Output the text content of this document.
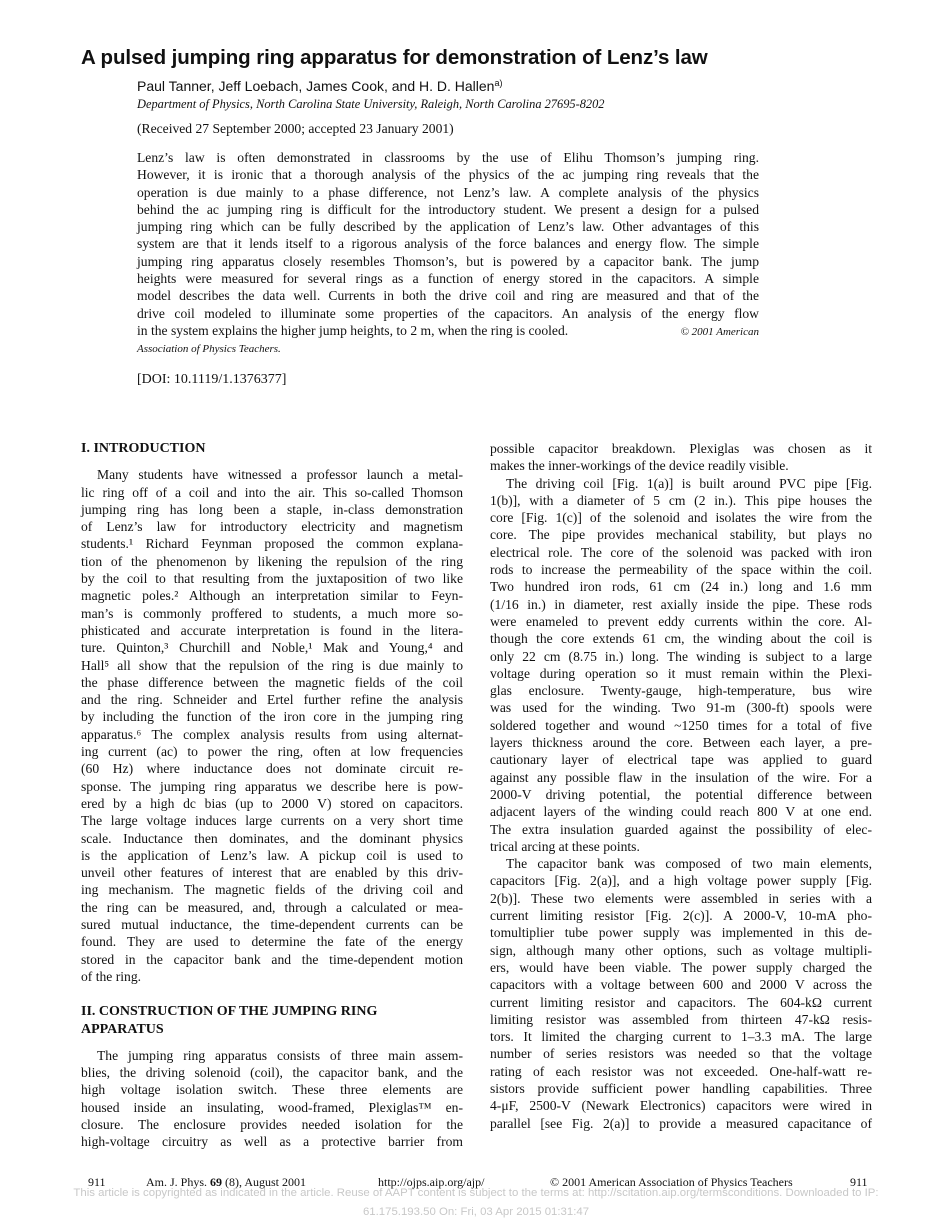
A pulsed jumping ring apparatus for demonstration of Lenz’s law
Paul Tanner, Jeff Loebach, James Cook, and H. D. Hallen$^{a)}$
Department of Physics, North Carolina State University, Raleigh, North Carolina 27695-8202
(Received 27 September 2000; accepted 23 January 2001)
Lenz’s law is often demonstrated in classrooms by the use of Elihu Thomson’s jumping ring.
However, it is ironic that a thorough analysis of the physics of the ac jumping ring reveals that the
operation is due mainly to a phase difference, not Lenz’s law. A complete analysis of the physics
behind the ac jumping ring is difficult for the introductory student. We present a design for a pulsed
jumping ring which can be fully described by the application of Lenz’s law. Other advantages of this
system are that it lends itself to a rigorous analysis of the force balances and energy flow. The simple
jumping ring apparatus closely resembles Thomson’s, but is powered by a capacitor bank. The jump
heights were measured for several rings as a function of energy stored in the capacitors. A simple
model describes the data well. Currents in both the drive coil and ring are measured and that of the
drive coil modeled to illuminate some properties of the capacitors. An analysis of the energy flow
in the system explains the higher jump heights, to 2 m, when the ring is cooled.	© 2001 American
Association of Physics Teachers.
[DOI: 10.1119/1.1376377]
I. INTRODUCTION
Many students have witnessed a professor launch a metal-
lic ring off of a coil and into the air. This so-called Thomson
jumping ring has long been a staple, in-class demonstration
of Lenz’s law for introductory electricity and magnetism
students.¹ Richard Feynman proposed the common explana-
tion of the phenomenon by likening the repulsion of the ring
by the coil to that resulting from the juxtaposition of two like
magnetic poles.² Although an interpretation similar to Feyn-
man’s is commonly proffered to students, a much more so-
phisticated and accurate interpretation is found in the litera-
ture. Quinton,³ Churchill and Noble,¹ Mak and Young,⁴ and
Hall⁵ all show that the repulsion of the ring is due mainly to
the phase difference between the magnetic fields of the coil
and the ring. Schneider and Ertel further refine the analysis
by including the function of the iron core in the jumping ring
apparatus.⁶ The complex analysis results from using alternat-
ing current (ac) to power the ring, often at low frequencies
(60 Hz) where inductance does not dominate circuit re-
sponse. The jumping ring apparatus we describe here is pow-
ered by a high dc bias (up to 2000 V) stored on capacitors.
The large voltage induces large currents on a very short time
scale. Inductance then dominates, and the dominant physics
is the application of Lenz’s law. A pickup coil is used to
unveil other features of interest that are enabled by this driv-
ing mechanism. The magnetic fields of the driving coil and
the ring can be measured, and, through a calculated or mea-
sured mutual inductance, the time-dependent currents can be
found. They are used to determine the fate of the energy
stored in the capacitor bank and the time-dependent motion
of the ring.
II. CONSTRUCTION OF THE JUMPING RING
APPARATUS
The jumping ring apparatus consists of three main assem-
blies, the driving solenoid (coil), the capacitor bank, and the
high voltage isolation switch. These three elements are
housed inside an insulating, wood-framed, Plexiglas™ en-
closure. The enclosure provides needed isolation for the
high-voltage circuitry as well as a protective barrier from
possible capacitor breakdown. Plexiglas was chosen as it
makes the inner-workings of the device readily visible.
The driving coil [Fig. 1(a)] is built around PVC pipe [Fig.
1(b)], with a diameter of 5 cm (2 in.). This pipe houses the
core [Fig. 1(c)] of the solenoid and isolates the wire from the
core. The pipe provides mechanical stability, but plays no
electrical role. The core of the solenoid was packed with iron
rods to increase the permeability of the space within the coil.
Two hundred iron rods, 61 cm (24 in.) long and 1.6 mm
(1/16 in.) in diameter, rest axially inside the pipe. These rods
were enameled to prevent eddy currents within the core. Al-
though the core extends 61 cm, the winding about the coil is
only 22 cm (8.75 in.) long. The winding is subject to a large
voltage during operation so it must remain within the Plexi-
glas enclosure. Twenty-gauge, high-temperature, bus wire
was used for the winding. Two 91-m (300-ft) spools were
soldered together and wound ~1250 times for a total of five
layers thickness around the core. Between each layer, a pre-
cautionary layer of electrical tape was applied to guard
against any possible flaw in the insulation of the wire. For a
2000-V driving potential, the potential difference between
adjacent layers of the winding could reach 800 V at one end.
The extra insulation guarded against the possibility of elec-
trical arcing at these points.
The capacitor bank was composed of two main elements,
capacitors [Fig. 2(a)], and a high voltage power supply [Fig.
2(b)]. These two elements were assembled in series with a
current limiting resistor [Fig. 2(c)]. A 2000-V, 10-mA pho-
tomultiplier tube power supply was implemented in this de-
sign, although many other options, such as voltage multipli-
ers, would have been viable. The power supply charged the
capacitors with a voltage between 600 and 2000 V across the
current limiting resistor and capacitors. The 604-kΩ current
limiting resistor was assembled from thirteen 47-kΩ resis-
tors. It limited the charging current to 1–3.3 mA. The large
number of series resistors was needed so that the voltage
rating of each resistor was not exceeded. One-half-watt re-
sistors provide sufficient power handling capabilities. Three
4-μF, 2500-V (Newark Electronics) capacitors were wired in
parallel [see Fig. 2(a)] to provide a measured capacitance of
911	Am. J. Phys. 69 (8), August 2001	http://ojps.aip.org/ajp/	© 2001 American Association of Physics Teachers	911
This article is copyrighted as indicated in the article. Reuse of AAPT content is subject to the terms at: http://scitation.aip.org/termsconditions. Downloaded to IP:
61.175.193.50 On: Fri, 03 Apr 2015 01:31:47
